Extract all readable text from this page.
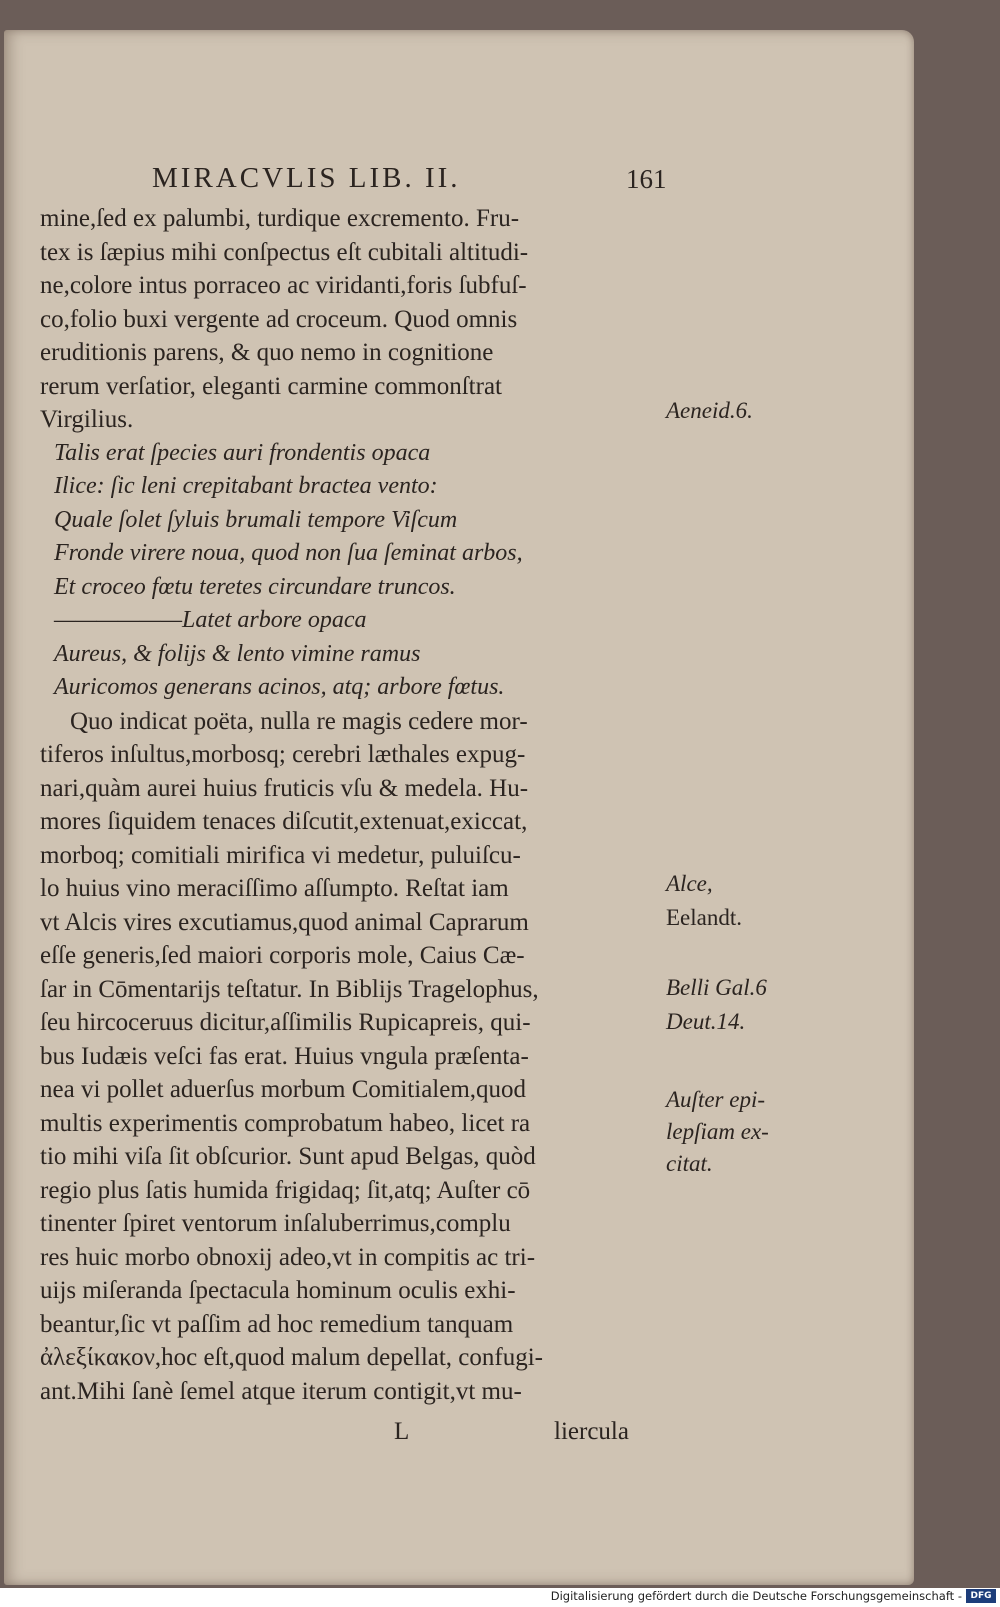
MIRACVLIS LIB. II.	161
mine,ſed ex palumbi, turdique excremento. Fru-
tex is ſæpius mihi conſpectus eſt cubitali altitudi-
ne,colore intus porraceo ac viridanti,foris ſubfuſ-
co,folio buxi vergente ad croceum. Quod omnis
eruditionis parens, & quo nemo in cognitione
rerum verſatior, eleganti carmine commonſtrat
Virgilius.
Talis erat ſpecies auri frondentis opaca
Ilice: ſic leni crepitabant bractea vento:
Quale ſolet ſyluis brumali tempore Viſcum
Fronde virere noua, quod non ſua ſeminat arbos,
Et croceo fœtu teretes circundare truncos.
——————Latet arbore opaca
Aureus, & folijs & lento vimine ramus
Auricomos generans acinos, atq; arbore fœtus.
Quo indicat poëta, nulla re magis cedere mor-
tiferos inſultus,morbosq; cerebri læthales expug-
nari,quàm aurei huius fruticis vſu & medela. Hu-
mores ſiquidem tenaces diſcutit,extenuat,exiccat,
morboq; comitiali mirifica vi medetur, puluiſcu-
lo huius vino meraciſſimo aſſumpto. Reſtat iam
vt Alcis vires excutiamus,quod animal Caprarum
eſſe generis,ſed maiori corporis mole, Caius Cæ-
ſar in Cōmentarijs teſtatur. In Biblijs Tragelophus,
ſeu hircoceruus dicitur,aſſimilis Rupicapreis, qui-
bus Iudæis veſci fas erat. Huius vngula præſenta-
nea vi pollet aduerſus morbum Comitialem,quod
multis experimentis comprobatum habeo, licet ra
tio mihi viſa ſit obſcurior. Sunt apud Belgas, quòd
regio plus ſatis humida frigidaq; ſit,atq; Auſter cō
tinenter ſpiret ventorum inſaluberrimus,complu
res huic morbo obnoxij adeo,vt in compitis ac tri-
uijs miſeranda ſpectacula hominum oculis exhi-
beantur,ſic vt paſſim ad hoc remedium tanquam
ἀλεξίκακον,hoc eſt,quod malum depellat, confugi-
ant.Mihi ſanè ſemel atque iterum contigit,vt mu-
Aeneid.6.
Alce,
Eelandt.
Belli Gal.6
Deut.14.
Auſter epi-
lepſiam ex-
citat.
L	liercula
Digitalisierung gefördert durch die Deutsche Forschungsgemeinschaft - DFG
